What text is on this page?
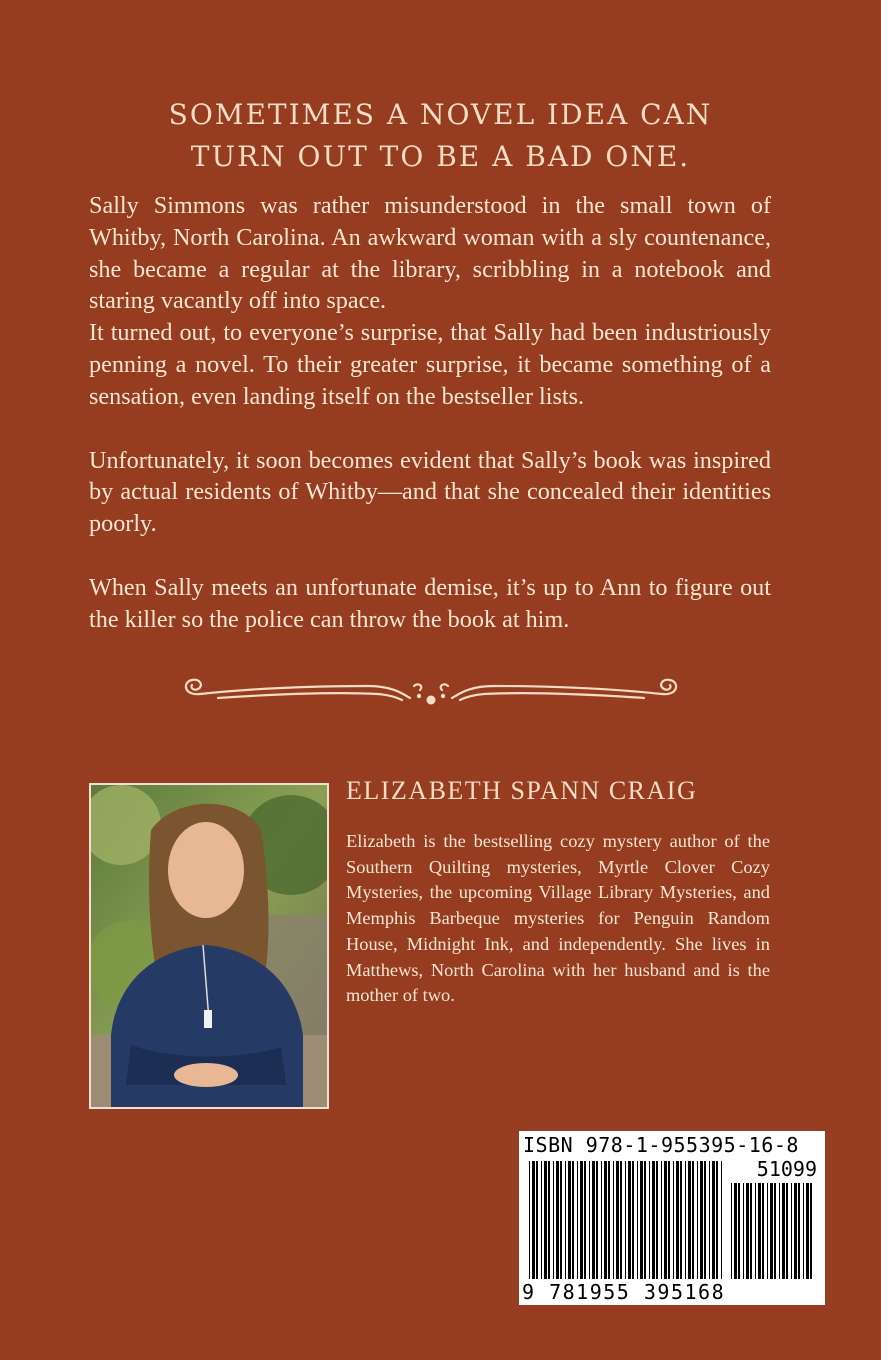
SOMETIMES A NOVEL IDEA CAN
TURN OUT TO BE A BAD ONE.

Sally Simmons was rather misunderstood in the small town of Whitby, North Carolina. An awkward woman with a sly countenance, she became a regular at the library, scribbling in a notebook and staring vacantly off into space.

It turned out, to everyone’s surprise, that Sally had been industriously penning a novel. To their greater surprise, it became something of a sensation, even landing itself on the bestseller lists.

Unfortunately, it soon becomes evident that Sally’s book was inspired by actual residents of Whitby—and that she concealed their identities poorly.

When Sally meets an unfortunate demise, it’s up to Ann to figure out the killer so the police can throw the book at him.

ELIZABETH SPANN CRAIG
Elizabeth is the bestselling cozy mystery author of the Southern Quilting mysteries, Myrtle Clover Cozy Mysteries, the upcoming Village Library Mysteries, and Memphis Barbeque mysteries for Penguin Random House, Midnight Ink, and independently. She lives in Matthews, North Carolina with her husband and is the mother of two.
ISBN 978-1-955395-16-8
51099
9 781955 395168
